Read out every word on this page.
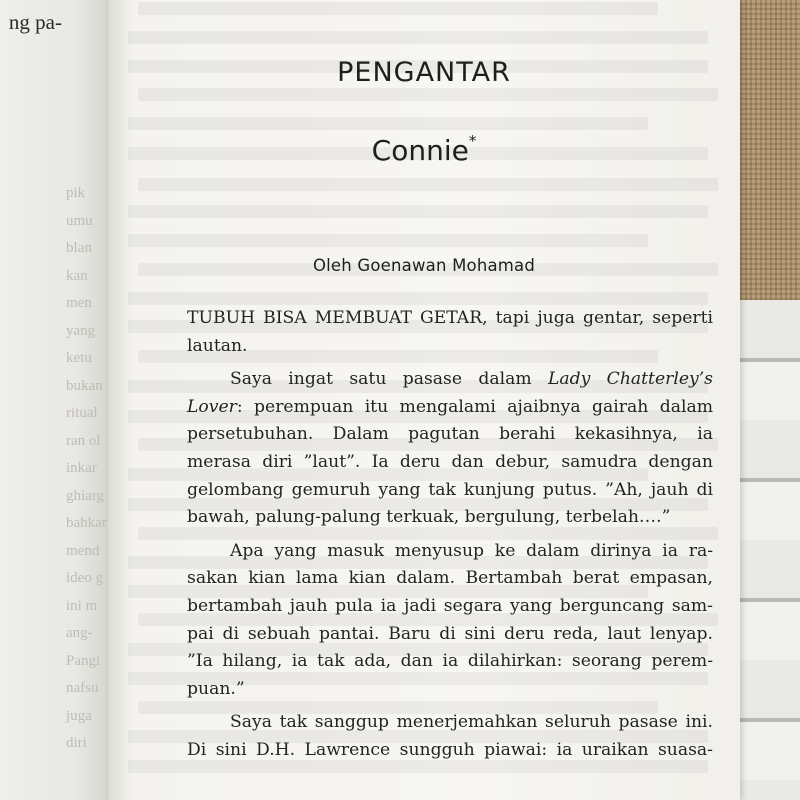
ng pa-
pik
umu
blan
kan
men
yang
ketu
bukan
ritual
ran ol
inkar
ghiarg
bahkar
mend
ideo g
ini m
ang-
Pangi
nafsu
juga
diri
PENGANTAR
Connie*
Oleh Goenawan Mohamad
TUBUH BISA MEMBUAT GETAR, tapi juga gentar, seperti
lautan.
Saya ingat satu pasase dalam Lady Chatterley’s
Lover: perempuan itu mengalami ajaibnya gairah dalam
persetubuhan. Dalam pagutan berahi kekasihnya, ia
merasa diri ”laut”. Ia deru dan debur, samudra dengan
gelombang gemuruh yang tak kunjung putus. ”Ah, jauh di
bawah, palung-palung terkuak, bergulung, terbelah….”
Apa yang masuk menyusup ke dalam dirinya ia ra-
sakan kian lama kian dalam. Bertambah berat empasan,
bertambah jauh pula ia jadi segara yang berguncang sam-
pai di sebuah pantai. Baru di sini deru reda, laut lenyap.
”Ia hilang, ia tak ada, dan ia dilahirkan: seorang perem-
puan.”
Saya tak sanggup menerjemahkan seluruh pasase ini.
Di sini D.H. Lawrence sungguh piawai: ia uraikan suasa-
